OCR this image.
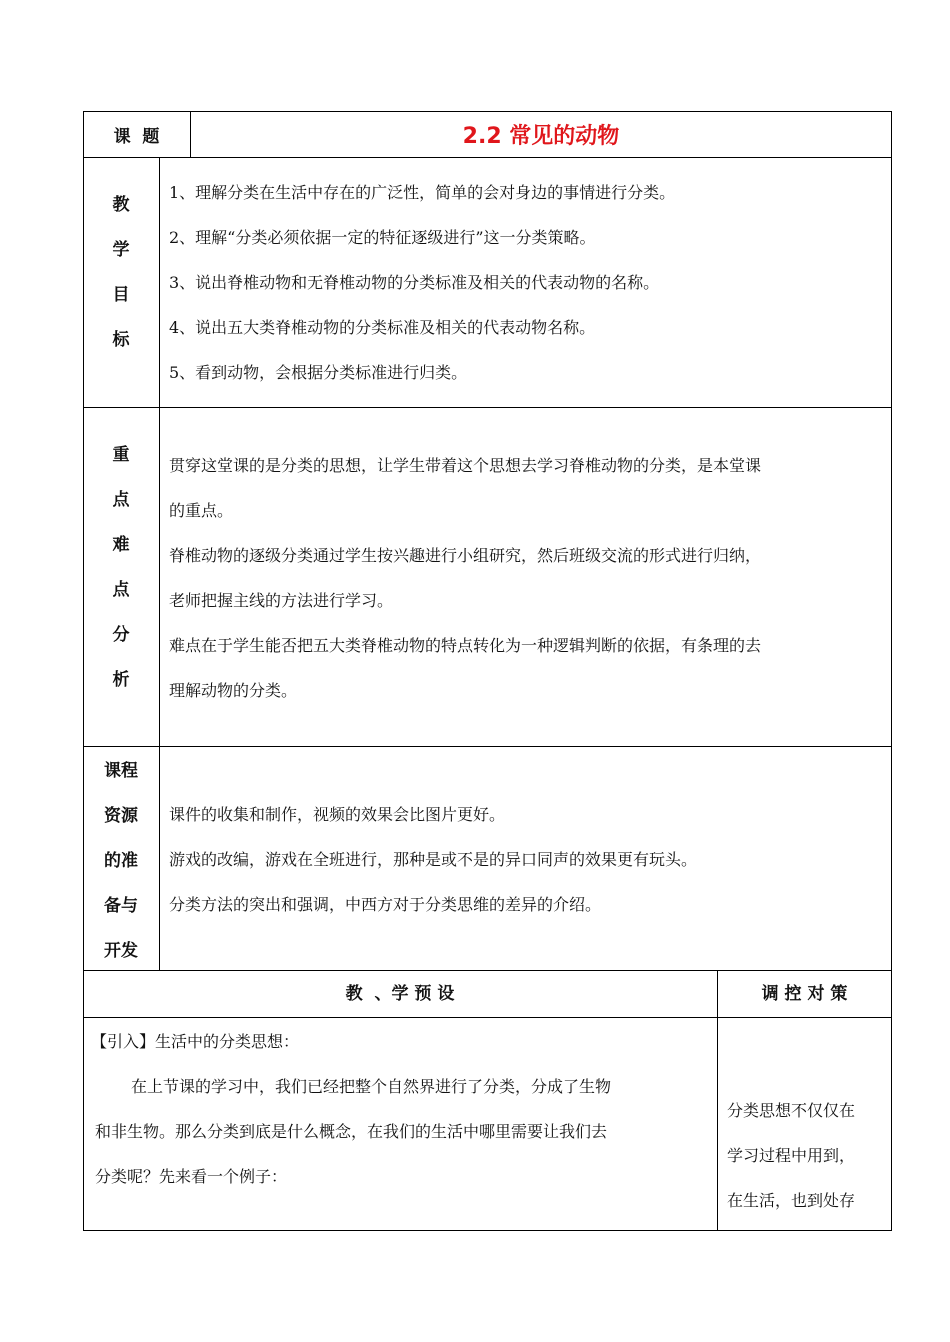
课  题	2.2 常见的动物
教
学
目
标
1、理解分类在生活中存在的广泛性，简单的会对身边的事情进行分类。
2、理解“分类必须依据一定的特征逐级进行”这一分类策略。
3、说出脊椎动物和无脊椎动物的分类标准及相关的代表动物的名称。
4、说出五大类脊椎动物的分类标准及相关的代表动物名称。
5、看到动物，会根据分类标准进行归类。
重
点
难
点
分
析
贯穿这堂课的是分类的思想，让学生带着这个思想去学习脊椎动物的分类，是本堂课
的重点。
脊椎动物的逐级分类通过学生按兴趣进行小组研究，然后班级交流的形式进行归纳，
老师把握主线的方法进行学习。
难点在于学生能否把五大类脊椎动物的特点转化为一种逻辑判断的依据，有条理的去
理解动物的分类。
课程
资源
的准
备与
开发
课件的收集和制作，视频的效果会比图片更好。
游戏的改编，游戏在全班进行，那种是或不是的异口同声的效果更有玩头。
分类方法的突出和强调，中西方对于分类思维的差异的介绍。
教  、学 预 设	调 控 对 策
【引入】生活中的分类思想：
在上节课的学习中，我们已经把整个自然界进行了分类，分成了生物
和非生物。那么分类到底是什么概念，在我们的生活中哪里需要让我们去
分类呢？先来看一个例子：
分类思想不仅仅在
学习过程中用到，
在生活，也到处存
